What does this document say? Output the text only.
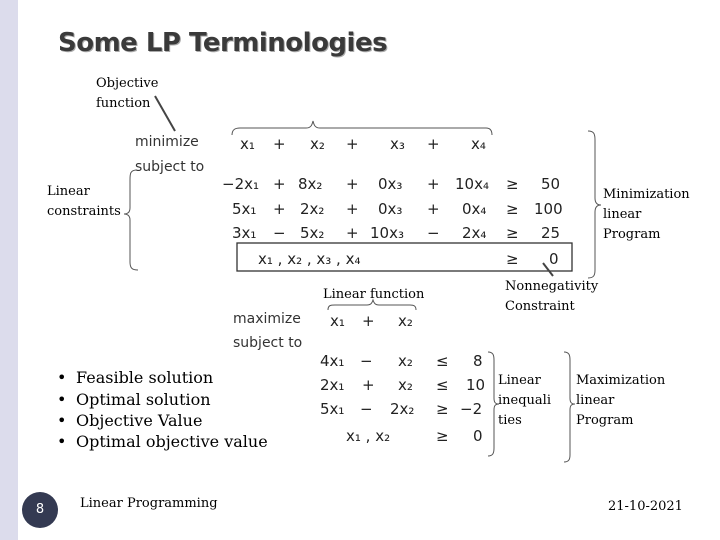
Some LP Terminologies
Objective
function
Linear
constraints
Minimization
linear
Program
Linear function
Nonnegativity
Constraint
Linear
inequali
ties
Maximization
linear
Program
minimize
subject to
x₁ + x₂ + x₃ + x₄
−2x₁ + 8x₂ + 0x₃ + 10x₄ ≥ 50
5x₁ + 2x₂ + 0x₃ + 0x₄ ≥ 100
3x₁ − 5x₂ + 10x₃ − 2x₄ ≥ 25
x₁ , x₂ , x₃ , x₄	≥ 0
maximize
subject to
x₁ + x₂
4x₁ − x₂ ≤ 8
2x₁ + x₂ ≤ 10
5x₁ − 2x₂ ≥ −2
x₁ , x₂	≥ 0
• Feasible solution
• Optimal solution
• Objective Value
• Optimal objective value
8	Linear Programming	21-10-2021
